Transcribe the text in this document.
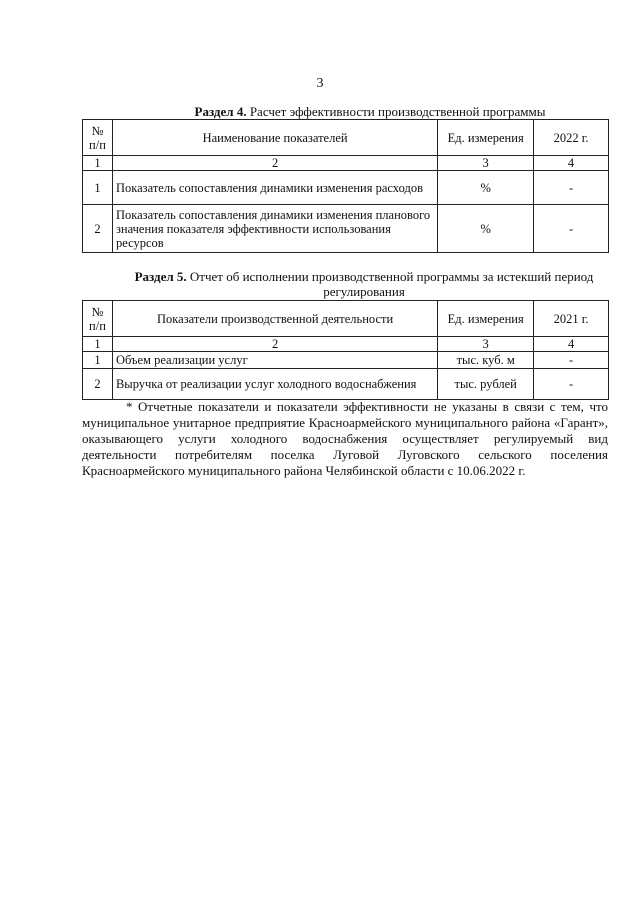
3
Раздел 4. Расчет эффективности производственной программы
№ п/п	Наименование показателей	Ед. измерения	2022 г.
1	2	3	4
1	Показатель сопоставления динамики изменения расходов	%	-
2	Показатель сопоставления динамики изменения планового значения показателя эффективности использования ресурсов	%	-
Раздел 5. Отчет об исполнении производственной программы за истекший период регулирования
№ п/п	Показатели производственной деятельности	Ед. измерения	2021 г.
1	2	3	4
1	Объем реализации услуг	тыс. куб. м	-
2	Выручка от реализации услуг холодного водоснабжения	тыс. рублей	-
* Отчетные показатели и показатели эффективности не указаны в связи с тем, что муниципальное унитарное предприятие Красноармейского муниципального района «Гарант», оказывающего услуги холодного водоснабжения осуществляет регулируемый вид деятельности потребителям поселка Луговой Луговского сельского поселения Красноармейского муниципального района Челябинской области с 10.06.2022 г.
